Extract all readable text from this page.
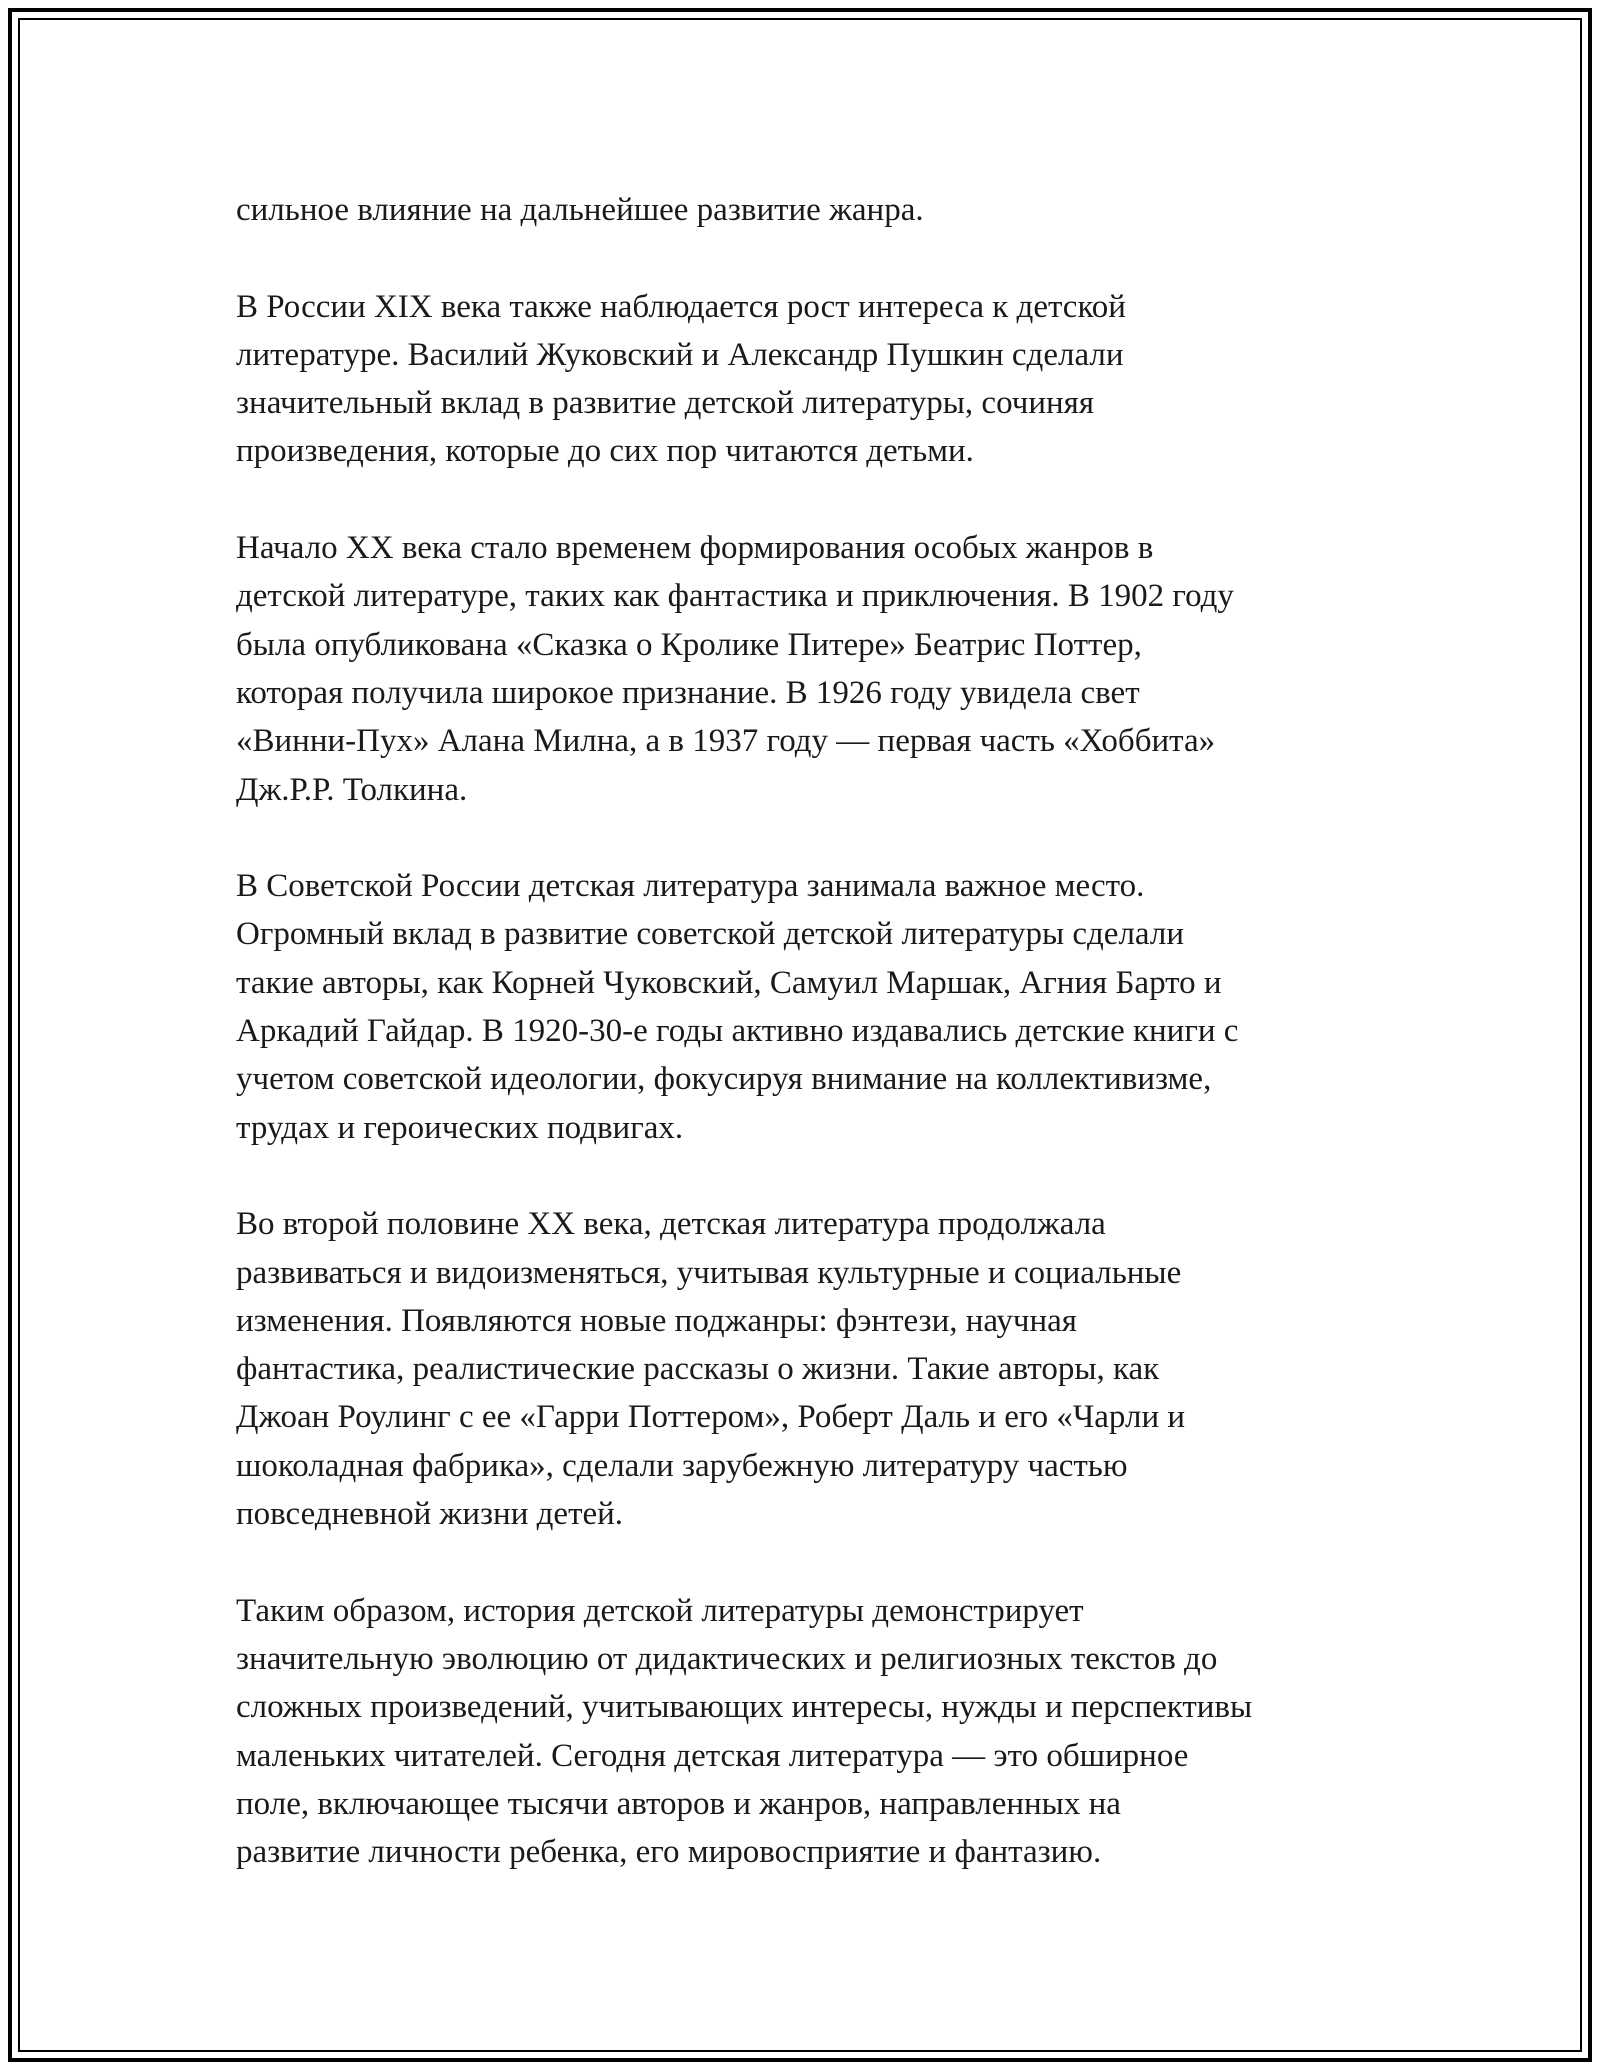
сильное влияние на дальнейшее развитие жанра.

В России XIX века также наблюдается рост интереса к детской
литературе. Василий Жуковский и Александр Пушкин сделали
значительный вклад в развитие детской литературы, сочиняя
произведения, которые до сих пор читаются детьми.

Начало XX века стало временем формирования особых жанров в
детской литературе, таких как фантастика и приключения. В 1902 году
была опубликована «Сказка о Кролике Питере» Беатрис Поттер,
которая получила широкое признание. В 1926 году увидела свет
«Винни-Пух» Алана Милна, а в 1937 году — первая часть «Хоббита»
Дж.Р.Р. Толкина.

В Советской России детская литература занимала важное место.
Огромный вклад в развитие советской детской литературы сделали
такие авторы, как Корней Чуковский, Самуил Маршак, Агния Барто и
Аркадий Гайдар. В 1920-30-е годы активно издавались детские книги с
учетом советской идеологии, фокусируя внимание на коллективизме,
трудах и героических подвигах.

Во второй половине XX века, детская литература продолжала
развиваться и видоизменяться, учитывая культурные и социальные
изменения. Появляются новые поджанры: фэнтези, научная
фантастика, реалистические рассказы о жизни. Такие авторы, как
Джоан Роулинг с ее «Гарри Поттером», Роберт Даль и его «Чарли и
шоколадная фабрика», сделали зарубежную литературу частью
повседневной жизни детей.

Таким образом, история детской литературы демонстрирует
значительную эволюцию от дидактических и религиозных текстов до
сложных произведений, учитывающих интересы, нужды и перспективы
маленьких читателей. Сегодня детская литература — это обширное
поле, включающее тысячи авторов и жанров, направленных на
развитие личности ребенка, его мировосприятие и фантазию.
